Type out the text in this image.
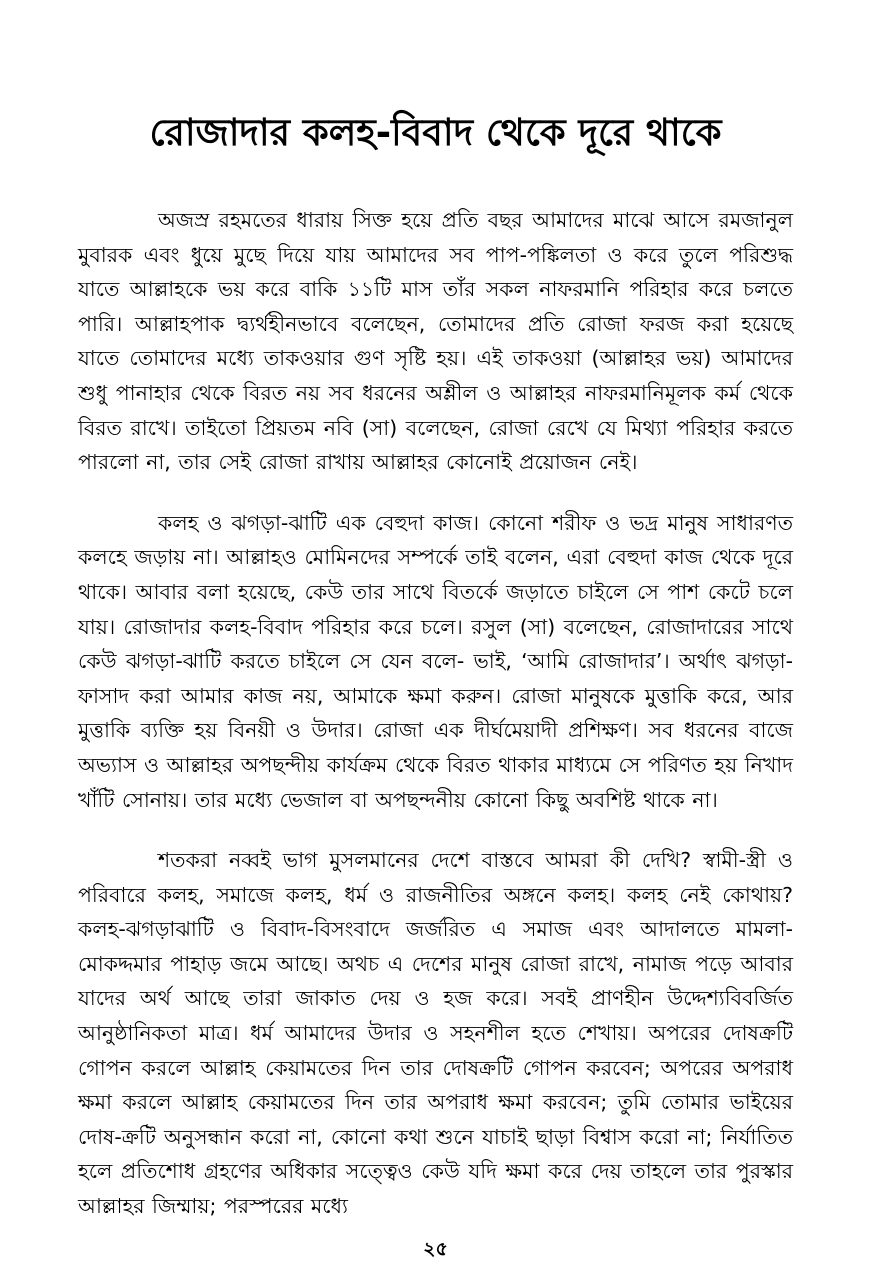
রোজাদার কলহ-বিবাদ থেকে দূরে থাকে

অজস্র রহমতের ধারায় সিক্ত হয়ে প্রতি বছর আমাদের মাঝে আসে রমজানুল মুবারক এবং ধুয়ে মুছে দিয়ে যায় আমাদের সব পাপ-পঙ্কিলতা ও করে তুলে পরিশুদ্ধ যাতে আল্লাহকে ভয় করে বাকি ১১টি মাস তাঁর সকল নাফরমানি পরিহার করে চলতে পারি। আল্লাহপাক দ্ব্যর্থহীনভাবে বলেছেন, তোমাদের প্রতি রোজা ফরজ করা হয়েছে যাতে তোমাদের মধ্যে তাকওয়ার গুণ সৃষ্টি হয়। এই তাকওয়া (আল্লাহর ভয়) আমাদের শুধু পানাহার থেকে বিরত নয় সব ধরনের অশ্লীল ও আল্লাহর নাফরমানিমূলক কর্ম থেকে বিরত রাখে। তাইতো প্রিয়তম নবি (সা) বলেছেন, রোজা রেখে যে মিথ্যা পরিহার করতে পারলো না, তার সেই রোজা রাখায় আল্লাহর কোনোই প্রয়োজন নেই।

কলহ ও ঝগড়া-ঝাটি এক বেহুদা কাজ। কোনো শরীফ ও ভদ্র মানুষ সাধারণত কলহে জড়ায় না। আল্লাহও মোমিনদের সম্পর্কে তাই বলেন, এরা বেহুদা কাজ থেকে দূরে থাকে। আবার বলা হয়েছে, কেউ তার সাথে বিতর্কে জড়াতে চাইলে সে পাশ কেটে চলে যায়। রোজাদার কলহ-বিবাদ পরিহার করে চলে। রসুল (সা) বলেছেন, রোজাদারের সাথে কেউ ঝগড়া-ঝাটি করতে চাইলে সে যেন বলে- ভাই, ‘আমি রোজাদার’। অর্থাৎ ঝগড়া-ফাসাদ করা আমার কাজ নয়, আমাকে ক্ষমা করুন। রোজা মানুষকে মুত্তাকি করে, আর মুত্তাকি ব্যক্তি হয় বিনয়ী ও উদার। রোজা এক দীর্ঘমেয়াদী প্রশিক্ষণ। সব ধরনের বাজে অভ্যাস ও আল্লাহর অপছন্দীয় কার্যক্রম থেকে বিরত থাকার মাধ্যমে সে পরিণত হয় নিখাদ খাঁটি সোনায়। তার মধ্যে ভেজাল বা অপছন্দনীয় কোনো কিছু অবশিষ্ট থাকে না।

শতকরা নব্বই ভাগ মুসলমানের দেশে বাস্তবে আমরা কী দেখি? স্বামী-স্ত্রী ও পরিবারে কলহ, সমাজে কলহ, ধর্ম ও রাজনীতির অঙ্গনে কলহ। কলহ নেই কোথায়? কলহ-ঝগড়াঝাটি ও বিবাদ-বিসংবাদে জর্জরিত এ সমাজ এবং আদালতে মামলা-মোকদ্দমার পাহাড় জমে আছে। অথচ এ দেশের মানুষ রোজা রাখে, নামাজ পড়ে আবার যাদের অর্থ আছে তারা জাকাত দেয় ও হজ করে। সবই প্রাণহীন উদ্দেশ্যবিবর্জিত আনুষ্ঠানিকতা মাত্র। ধর্ম আমাদের উদার ও সহনশীল হতে শেখায়। অপরের দোষক্রটি গোপন করলে আল্লাহ কেয়ামতের দিন তার দোষক্রটি গোপন করবেন; অপরের অপরাধ ক্ষমা করলে আল্লাহ কেয়ামতের দিন তার অপরাধ ক্ষমা করবেন; তুমি তোমার ভাইয়ের দোষ-ক্রটি অনুসন্ধান করো না, কোনো কথা শুনে যাচাই ছাড়া বিশ্বাস করো না; নির্যাতিত হলে প্রতিশোধ গ্রহণের অধিকার সত্ত্বেও কেউ যদি ক্ষমা করে দেয় তাহলে তার পুরস্কার আল্লাহর জিম্মায়; পরস্পরের মধ্যে

২৫
